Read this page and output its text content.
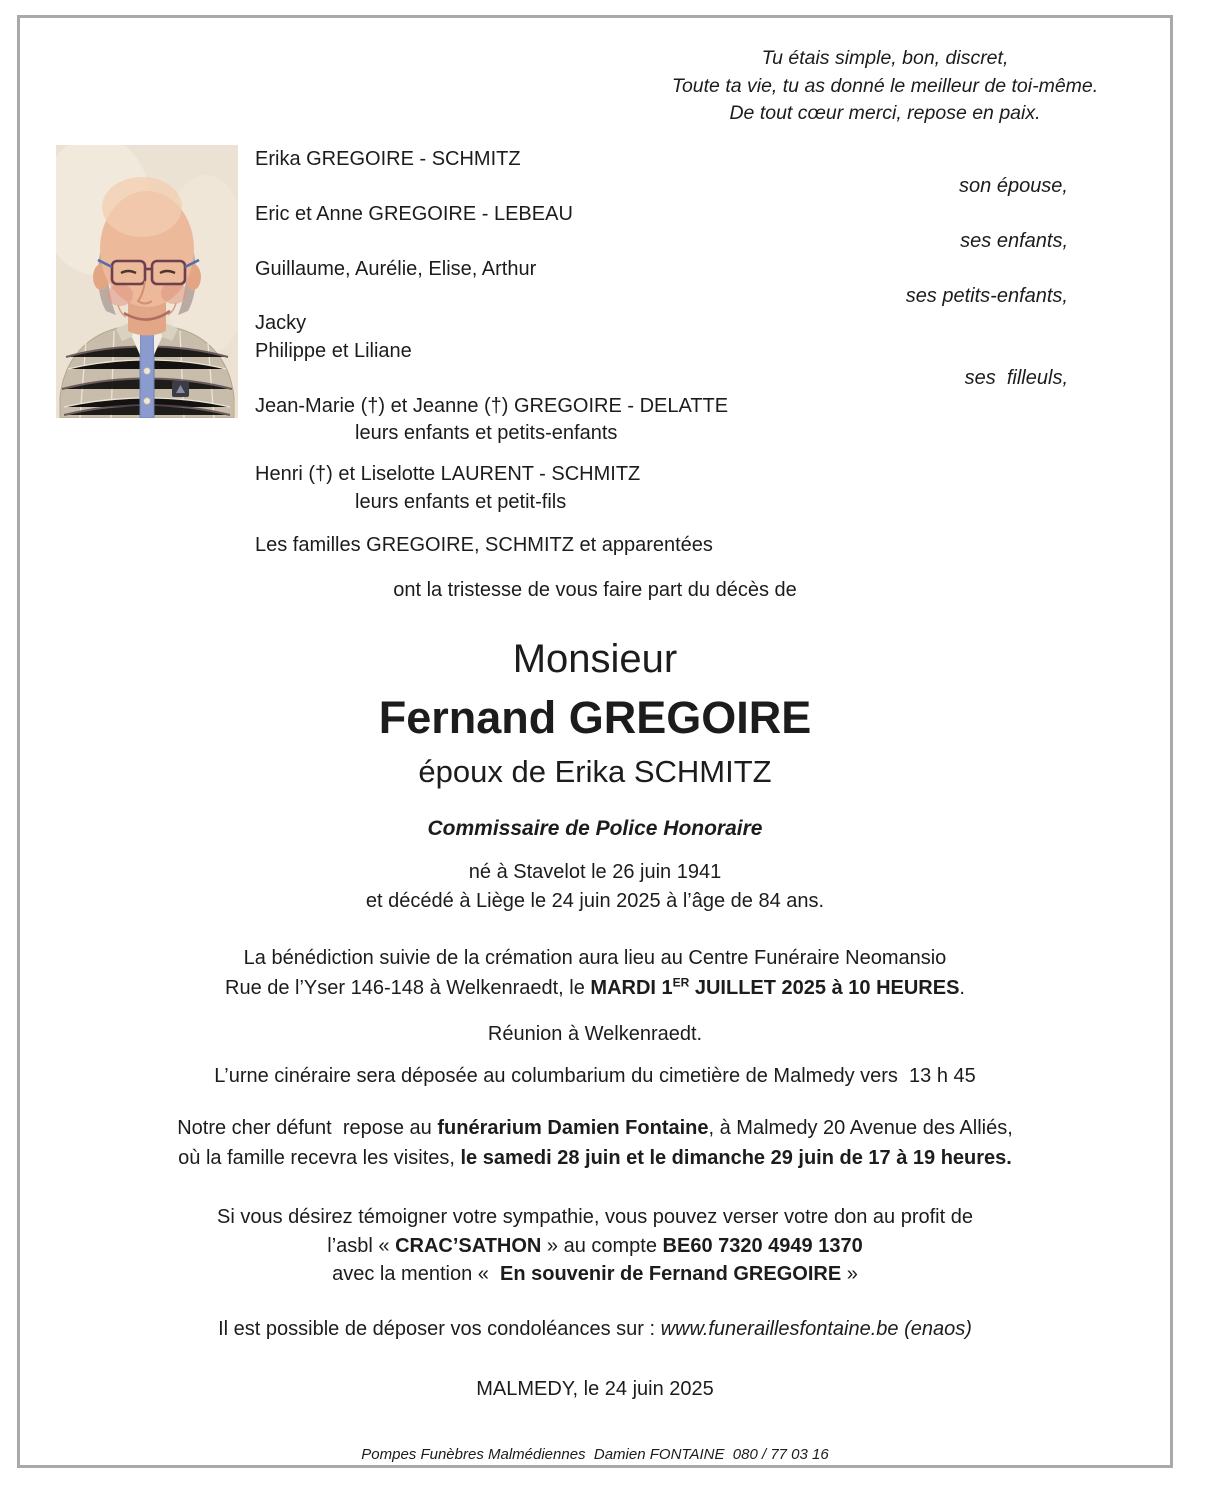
Tu étais simple, bon, discret,
Toute ta vie, tu as donné le meilleur de toi-même.
De tout cœur merci, repose en paix.
Erika GREGOIRE - SCHMITZ
son épouse,
Eric et Anne GREGOIRE - LEBEAU
ses enfants,
Guillaume, Aurélie, Elise, Arthur
ses petits-enfants,
Jacky
Philippe et Liliane
ses  filleuls,
Jean-Marie (†) et Jeanne (†) GREGOIRE - DELATTE
leurs enfants et petits-enfants
Henri (†) et Liselotte LAURENT - SCHMITZ
leurs enfants et petit-fils
Les familles GREGOIRE, SCHMITZ et apparentées
ont la tristesse de vous faire part du décès de
Monsieur
Fernand GREGOIRE
époux de Erika SCHMITZ
Commissaire de Police Honoraire
né à Stavelot le 26 juin 1941
et décédé à Liège le 24 juin 2025 à l’âge de 84 ans.
La bénédiction suivie de la crémation aura lieu au Centre Funéraire Neomansio
Rue de l’Yser 146-148 à Welkenraedt, le MARDI 1ER JUILLET 2025 à 10 HEURES.
Réunion à Welkenraedt.
L’urne cinéraire sera déposée au columbarium du cimetière de Malmedy vers  13 h 45
Notre cher défunt  repose au funérarium Damien Fontaine, à Malmedy 20 Avenue des Alliés,
où la famille recevra les visites, le samedi 28 juin et le dimanche 29 juin de 17 à 19 heures.
Si vous désirez témoigner votre sympathie, vous pouvez verser votre don au profit de
l’asbl « CRAC’SATHON » au compte BE60 7320 4949 1370
avec la mention «  En souvenir de Fernand GREGOIRE »
Il est possible de déposer vos condoléances sur : www.funeraillesfontaine.be (enaos)
MALMEDY, le 24 juin 2025
Pompes Funèbres Malmédiennes  Damien FONTAINE  080 / 77 03 16
